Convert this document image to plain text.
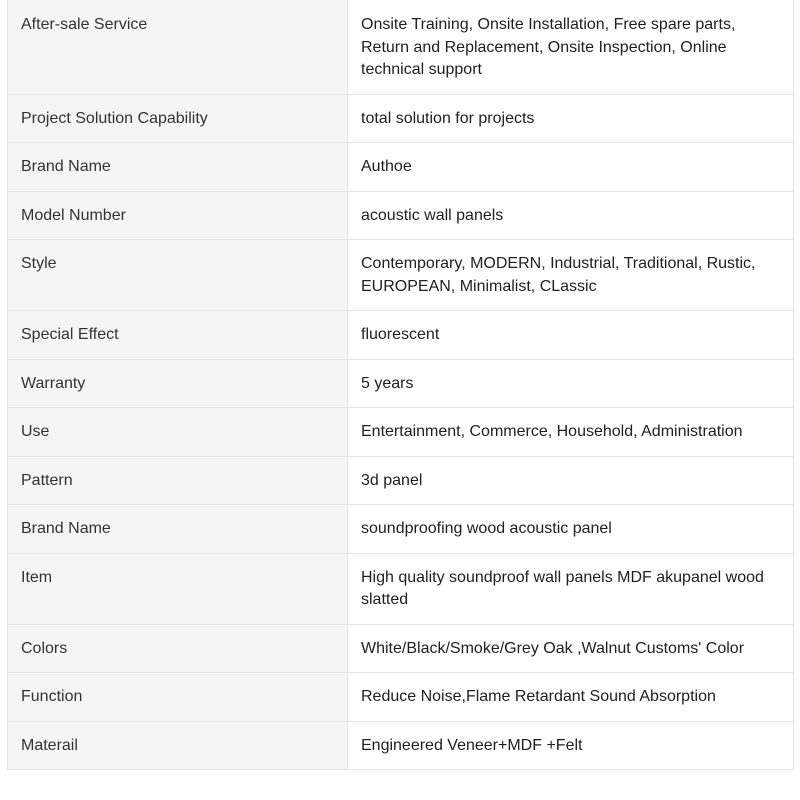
After-sale Service	Onsite Training, Onsite Installation, Free spare parts, Return and Replacement, Onsite Inspection, Online technical support
Project Solution Capability	total solution for projects
Brand Name	Authoe
Model Number	acoustic wall panels
Style	Contemporary, MODERN, Industrial, Traditional, Rustic, EUROPEAN, Minimalist, CLassic
Special Effect	fluorescent
Warranty	5 years
Use	Entertainment, Commerce, Household, Administration
Pattern	3d panel
Brand Name	soundproofing wood acoustic panel
Item	High quality soundproof wall panels MDF akupanel wood slatted
Colors	White/Black/Smoke/Grey Oak ,Walnut Customs' Color
Function	Reduce Noise,Flame Retardant Sound Absorption
Materail	Engineered Veneer+MDF +Felt
